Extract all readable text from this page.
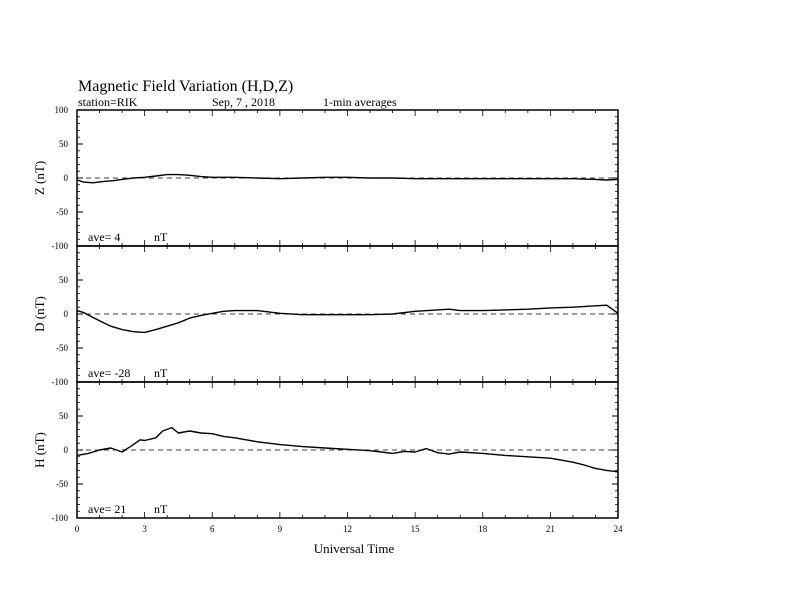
Magnetic Field Variation (H,D,Z)
station=RIK	Sep, 7 , 2018	1-min averages
100
50
0
-50
-100
Z (nT)
ave= 4	nT
50
0
-50
-100
D (nT)
ave= -28 nT
50
0
-50
-100
H (nT)
ave= 21 nT
0	3	6	9	12	15	18	21	24
Universal Time
